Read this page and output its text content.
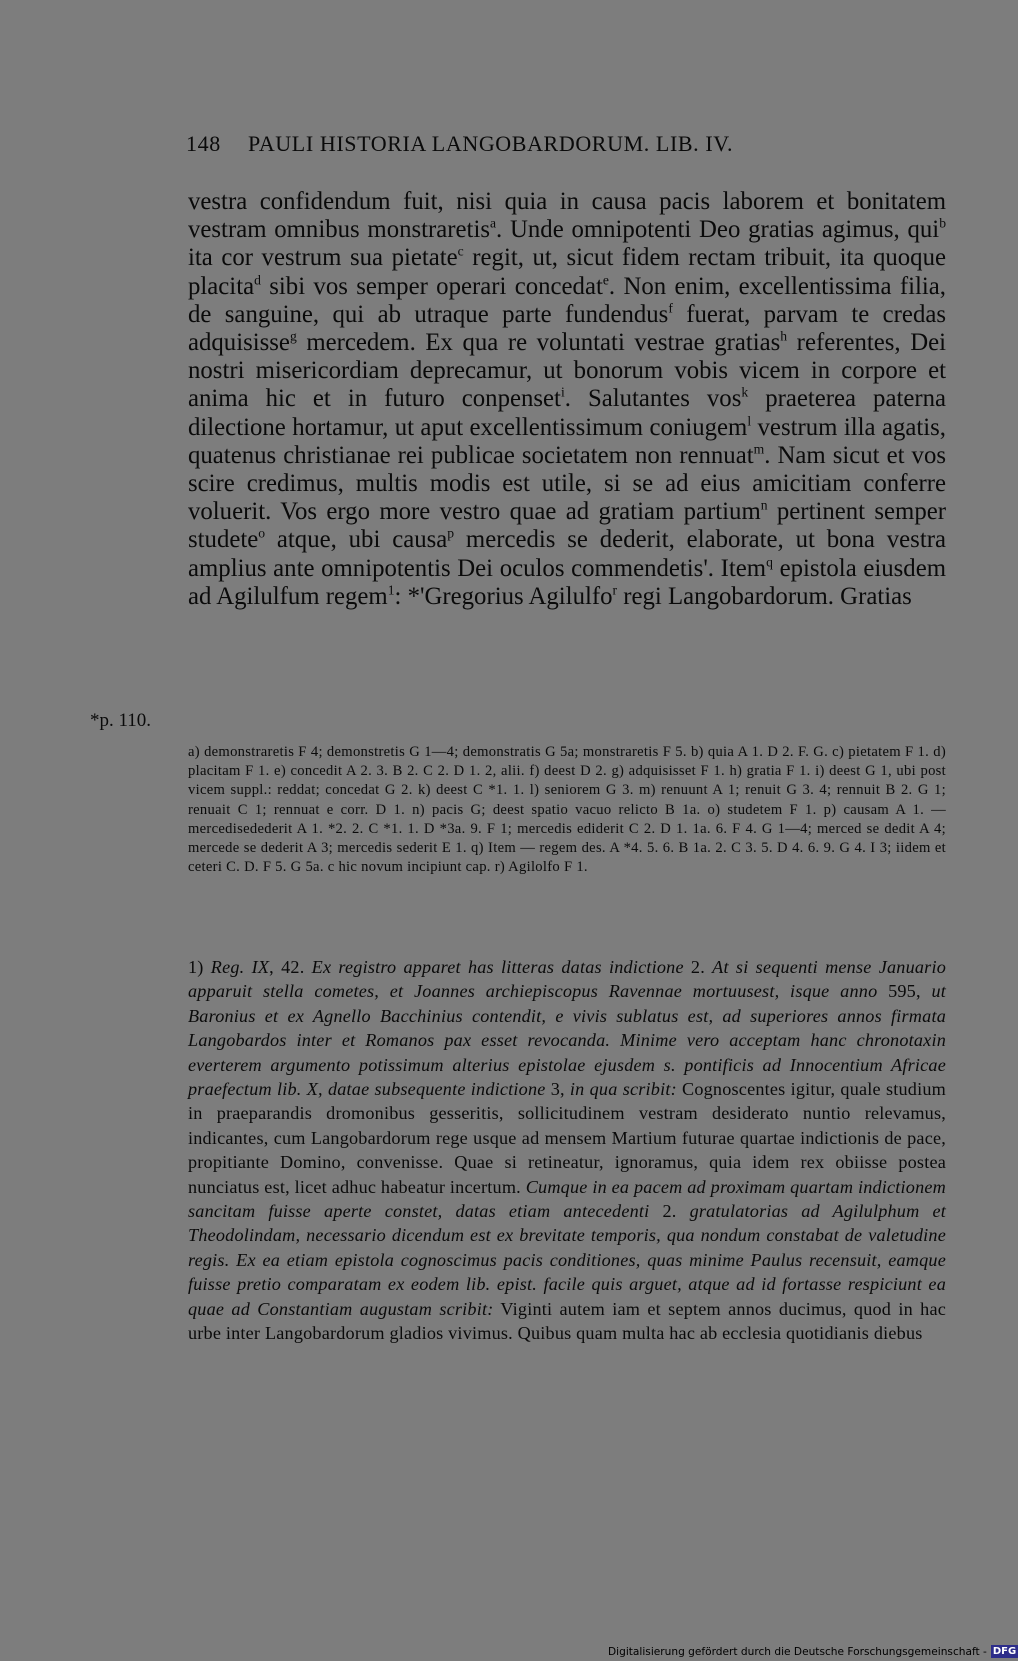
148 PAULI HISTORIA LANGOBARDORUM. LIB. IV.

vestra confidendum fuit, nisi quia in causa pacis laborem et bonitatem vestram omnibus monstraretis$^a$. Unde omnipotenti Deo gratias agimus, qui$^b$ ita cor vestrum sua pietate$^c$ regit, ut, sicut fidem rectam tribuit, ita quoque placita$^d$ sibi vos semper operari concedat$^e$. Non enim, excellentissima filia, de sanguine, qui ab utraque parte fundendus$^f$ fuerat, parvam te credas adquisisse$^g$ mercedem. Ex qua re voluntati vestrae gratias$^h$ referentes, Dei nostri misericordiam deprecamur, ut bonorum vobis vicem in corpore et anima hic et in futuro conpenset$^i$. Salutantes vos$^k$ praeterea paterna dilectione hortamur, ut aput excellentissimum coniugem$^l$ vestrum illa agatis, quatenus christianae rei publicae societatem non rennuat$^m$. Nam sicut et vos scire credimus, multis modis est utile, si se ad eius amicitiam conferre voluerit. Vos ergo more vestro quae ad gratiam partium$^n$ pertinent semper studete$^o$ atque, ubi causa$^p$ mercedis se dederit, elaborate, ut bona vestra amplius ante omnipotentis Dei oculos commendetis'. Item$^q$ epistola eiusdem ad Agilulfum regem$^1$: *'Gregorius Agilulfo$^r$ regi Langobardorum. Gratias

*p. 110.

a) demonstraretis F 4; demonstretis G 1—4; demonstratis G 5a; monstraretis F 5. b) quia A 1. D 2. F. G. c) pietatem F 1. d) placitam F 1. e) concedit A 2. 3. B 2. C 2. D 1. 2, alii. f) deest D 2. g) adquisisset F 1. h) gratia F 1. i) deest G 1, ubi post vicem suppl.: reddat; concedat G 2. k) deest C *1. 1. l) seniorem G 3. m) renuunt A 1; renuit G 3. 4; rennuit B 2. G 1; renuait C 1; rennuat e corr. D 1. n) pacis G; deest spatio vacuo relicto B 1a. o) studetem F 1. p) causam A 1. — mercedisedederit A 1. *2. 2. C *1. 1. D *3a. 9. F 1; mercedis ediderit C 2. D 1. 1a. 6. F 4. G 1—4; merced se dedit A 4; mercede se dederit A 3; mercedis sederit E 1. q) Item — regem des. A *4. 5. 6. B 1a. 2. C 3. 5. D 4. 6. 9. G 4. I 3; iidem et ceteri C. D. F 5. G 5a. c hic novum incipiunt cap. r) Agilolfo F 1.

1) Reg. IX, 42. Ex registro apparet has litteras datas indictione 2. At si sequenti mense Januario apparuit stella cometes, et Joannes archiepiscopus Ravennae mortuusest, isque anno 595, ut Baronius et ex Agnello Bacchinius contendit, e vivis sublatus est, ad superiores annos firmata Langobardos inter et Romanos pax esset revocanda. Minime vero acceptam hanc chronotaxin everterem argumento potissimum alterius epistolae ejusdem s. pontificis ad Innocentium Africae praefectum lib. X, datae subsequente indictione 3, in qua scribit: Cognoscentes igitur, quale studium in praeparandis dromonibus gesseritis, sollicitudinem vestram desiderato nuntio relevamus, indicantes, cum Langobardorum rege usque ad mensem Martium futurae quartae indictionis de pace, propitiante Domino, convenisse. Quae si retineatur, ignoramus, quia idem rex obiisse postea nunciatus est, licet adhuc habeatur incertum. Cumque in ea pacem ad proximam quartam indictionem sancitam fuisse aperte constet, datas etiam antecedenti 2. gratulatorias ad Agilulphum et Theodolindam, necessario dicendum est ex brevitate temporis, qua nondum constabat de valetudine regis. Ex ea etiam epistola cognoscimus pacis conditiones, quas minime Paulus recensuit, eamque fuisse pretio comparatam ex eodem lib. epist. facile quis arguet, atque ad id fortasse respiciunt ea quae ad Constantiam augustam scribit: Viginti autem iam et septem annos ducimus, quod in hac urbe inter Langobardorum gladios vivimus. Quibus quam multa hac ab ecclesia quotidianis diebus

Digitalisierung gefördert durch die Deutsche Forschungsgemeinschaft - DFG
